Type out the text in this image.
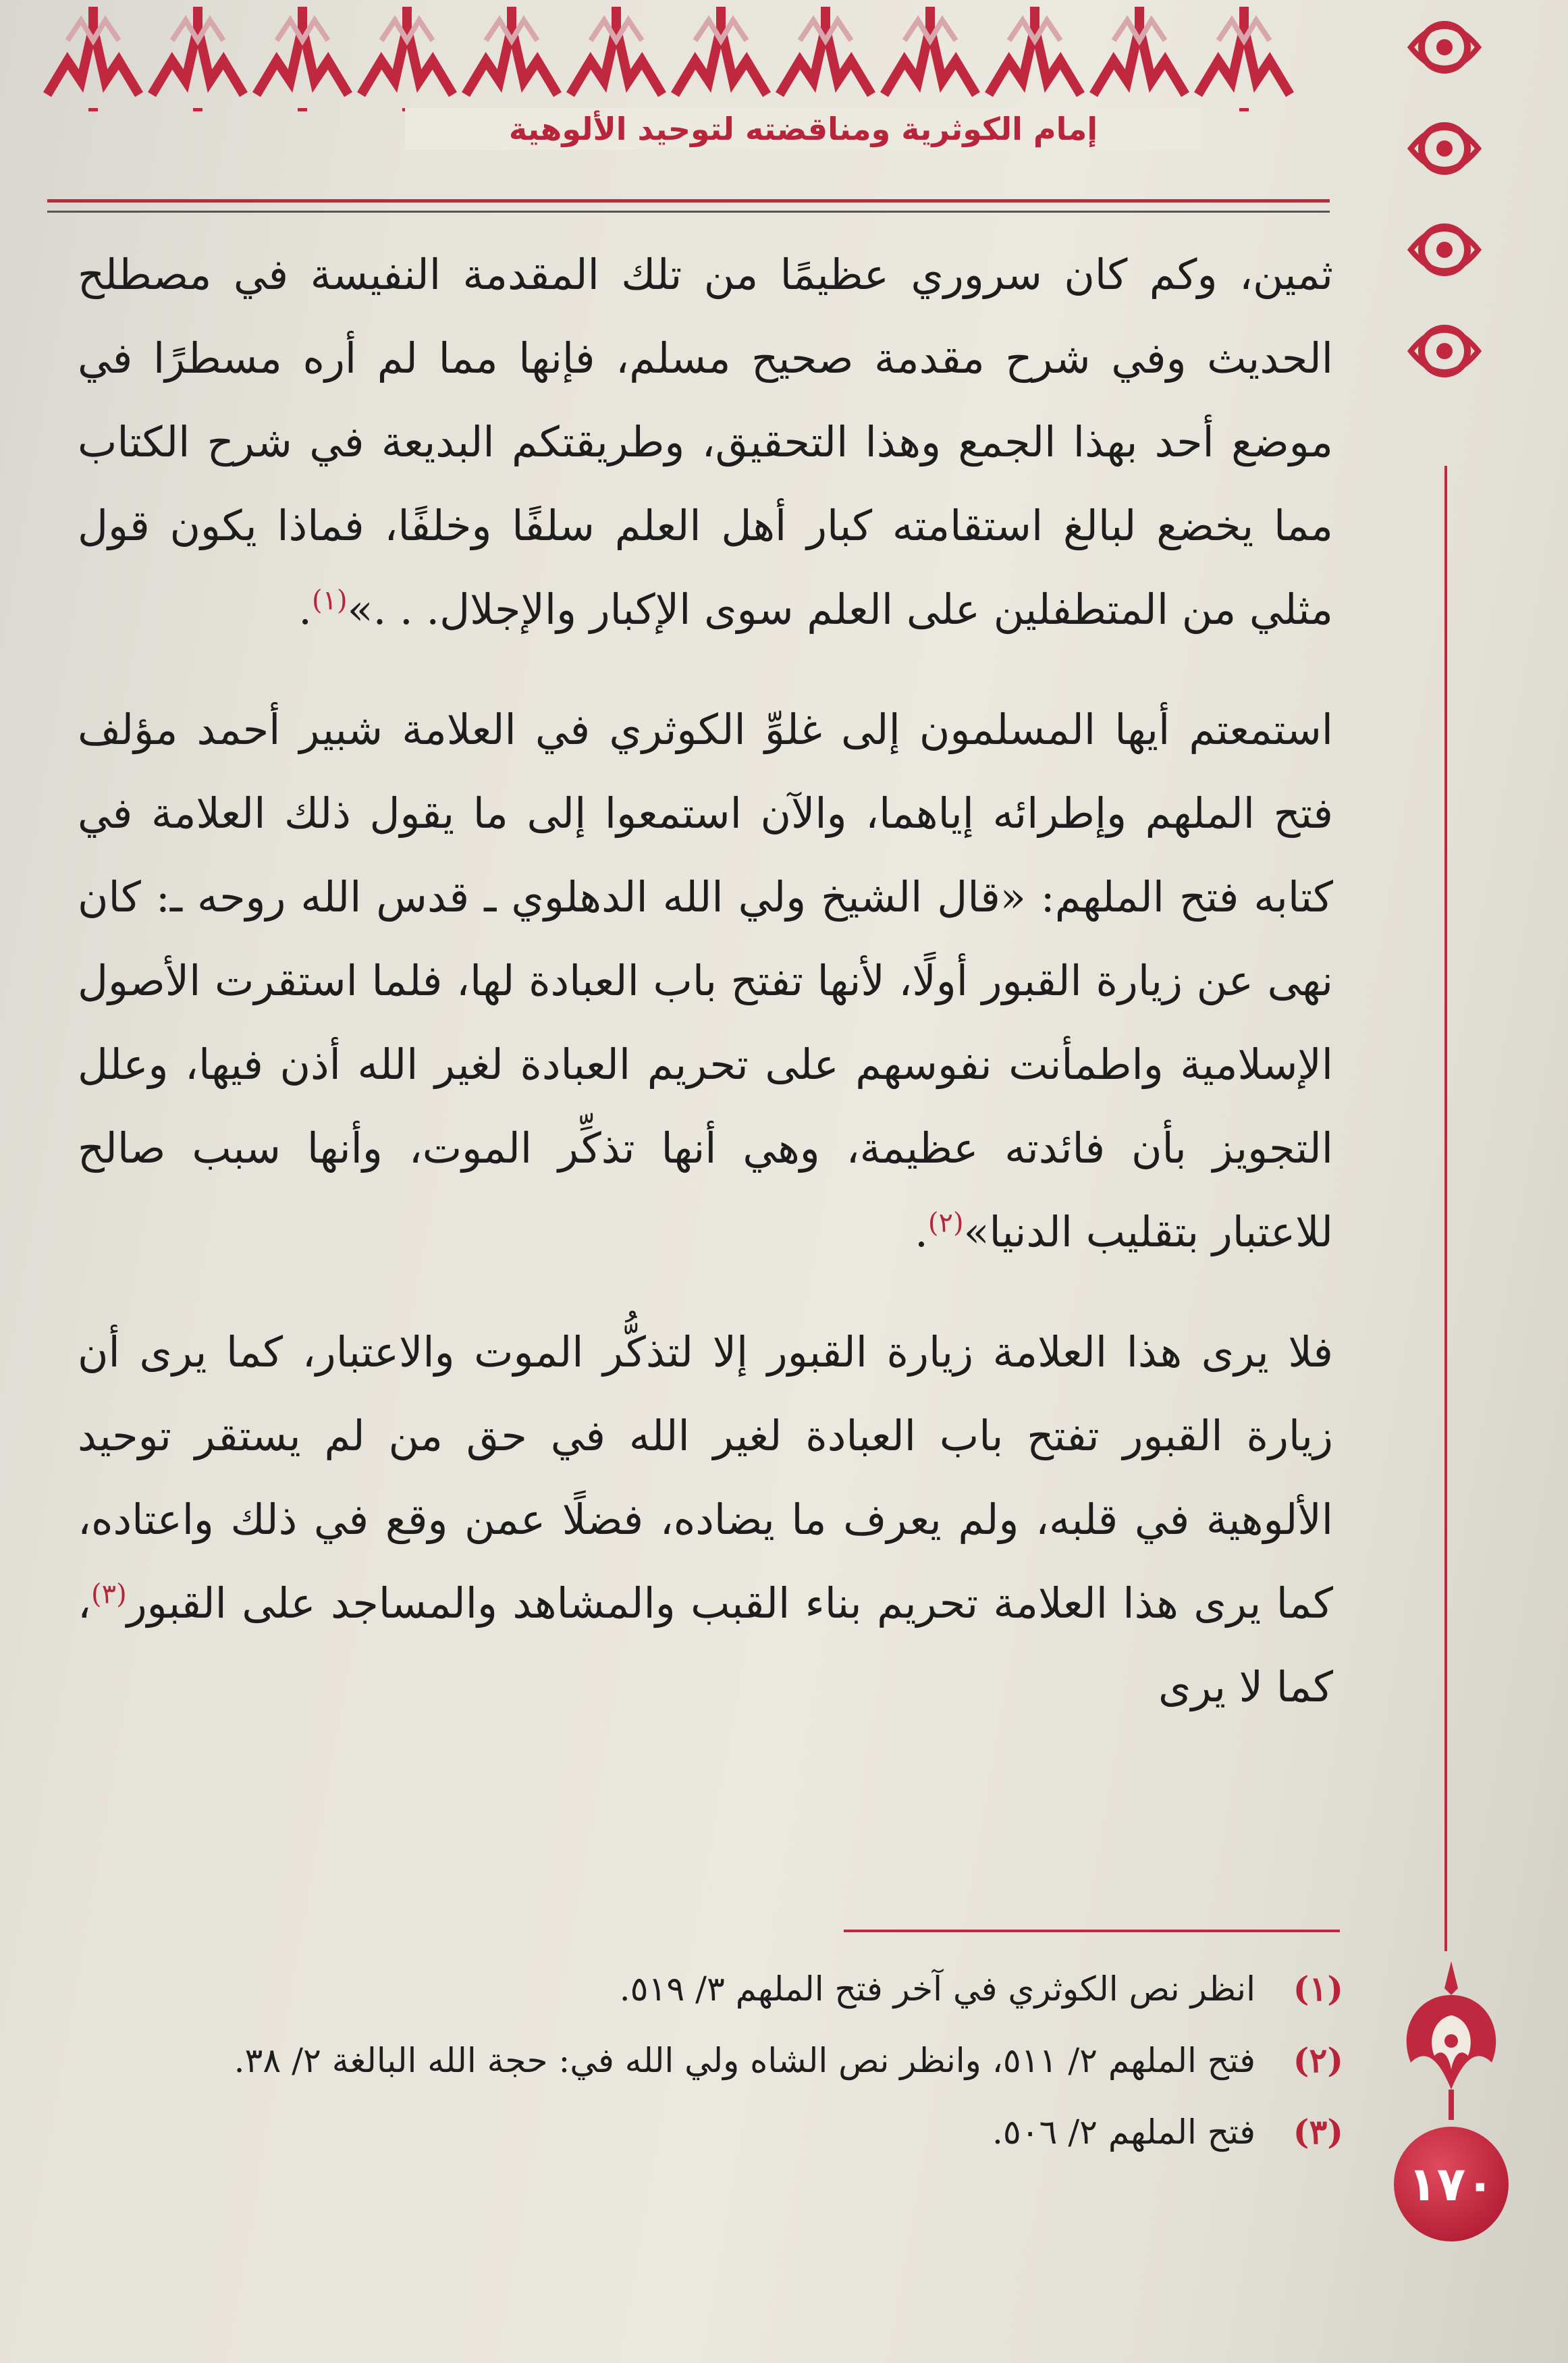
إمام الكوثرية ومناقضته لتوحيد الألوهية
١٧٠

ثمين، وكم كان سروري عظيمًا من تلك المقدمة النفيسة في مصطلح الحديث وفي شرح مقدمة صحيح مسلم، فإنها مما لم أره مسطرًا في موضع أحد بهذا الجمع وهذا التحقيق، وطريقتكم البديعة في شرح الكتاب مما يخضع لبالغ استقامته كبار أهل العلم سلفًا وخلفًا، فماذا يكون قول مثلي من المتطفلين على العلم سوى الإكبار والإجلال. . .»$^{(١)}$.

استمعتم أيها المسلمون إلى غلوِّ الكوثري في العلامة شبير أحمد مؤلف فتح الملهم وإطرائه إياهما، والآن استمعوا إلى ما يقول ذلك العلامة في كتابه فتح الملهم: «قال الشيخ ولي الله الدهلوي ـ قدس الله روحه ـ: كان نهى عن زيارة القبور أولًا، لأنها تفتح باب العبادة لها، فلما استقرت الأصول الإسلامية واطمأنت نفوسهم على تحريم العبادة لغير الله أذن فيها، وعلل التجويز بأن فائدته عظيمة، وهي أنها تذكِّر الموت، وأنها سبب صالح للاعتبار بتقليب الدنيا»$^{(٢)}$.

فلا يرى هذا العلامة زيارة القبور إلا لتذكُّر الموت والاعتبار، كما يرى أن زيارة القبور تفتح باب العبادة لغير الله في حق من لم يستقر توحيد الألوهية في قلبه، ولم يعرف ما يضاده، فضلًا عمن وقع في ذلك واعتاده، كما يرى هذا العلامة تحريم بناء القبب والمشاهد والمساجد على القبور$^{(٣)}$، كما لا يرى

(١)
انظر نص الكوثري في آخر فتح الملهم ٣/ ٥١٩.
(٢)
فتح الملهم ٢/ ٥١١، وانظر نص الشاه ولي الله في: حجة الله البالغة ٢/ ٣٨.
(٣)
فتح الملهم ٢/ ٥٠٦.
